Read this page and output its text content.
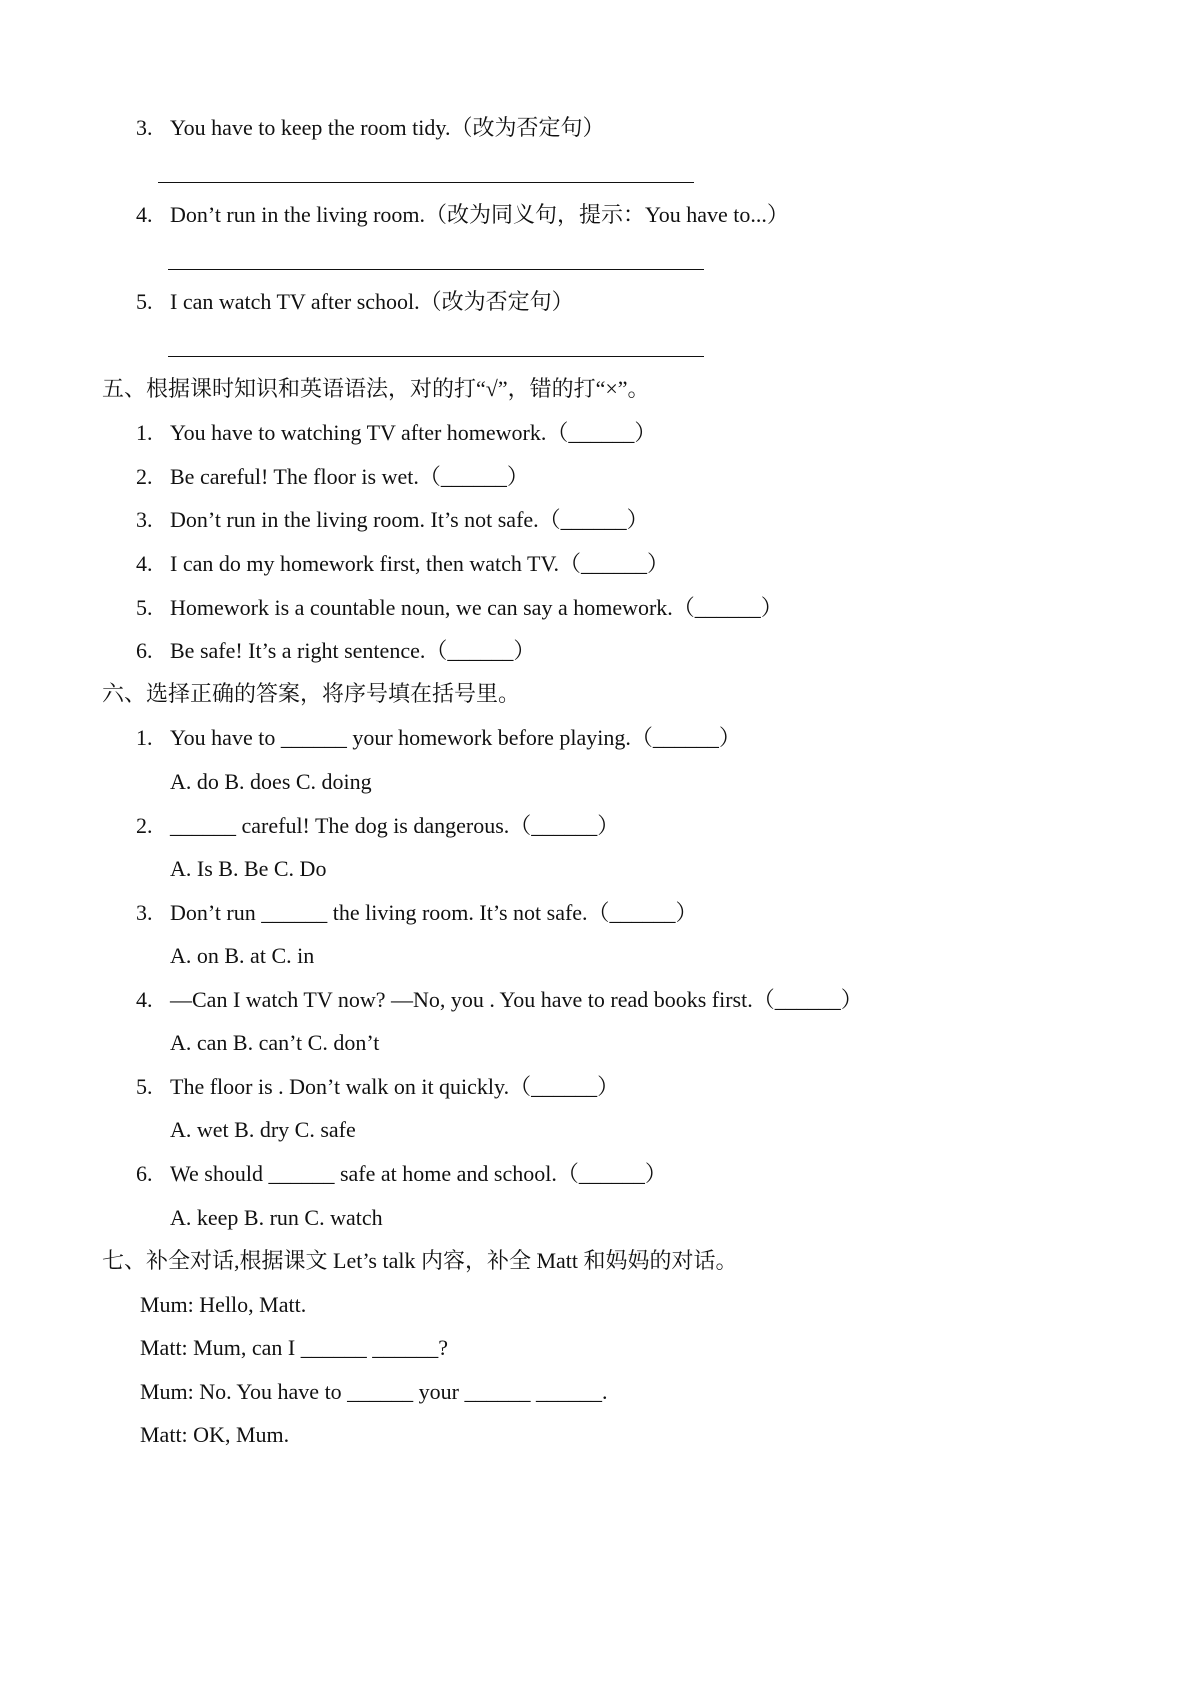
3. You have to keep the room tidy.（改为否定句）
4. Don’t run in the living room.（改为同义句，提示：You have to...）
5. I can watch TV after school.（改为否定句）
五、根据课时知识和英语语法，对的打“√”，错的打“×”。
1. You have to watching TV after homework.（______）
2. Be careful! The floor is wet.（______）
3. Don’t run in the living room. It’s not safe.（______）
4. I can do my homework first, then watch TV.（______）
5. Homework is a countable noun, we can say a homework.（______）
6. Be safe! It’s a right sentence.（______）
六、选择正确的答案，将序号填在括号里。
1. You have to ______ your homework before playing.（______）
A. do B. does C. doing
2. ______ careful! The dog is dangerous.（______）
A. Is B. Be C. Do
3. Don’t run ______ the living room. It’s not safe.（______）
A. on B. at C. in
4. —Can I watch TV now? —No, you . You have to read books first.（______）
A. can B. can’t C. don’t
5. The floor is . Don’t walk on it quickly.（______）
A. wet B. dry C. safe
6. We should ______ safe at home and school.（______）
A. keep B. run C. watch
七、补全对话,根据课文 Let’s talk 内容，补全 Matt 和妈妈的对话。
Mum: Hello, Matt.
Matt: Mum, can I ______ ______?
Mum: No. You have to ______ your ______ ______.
Matt: OK, Mum.
